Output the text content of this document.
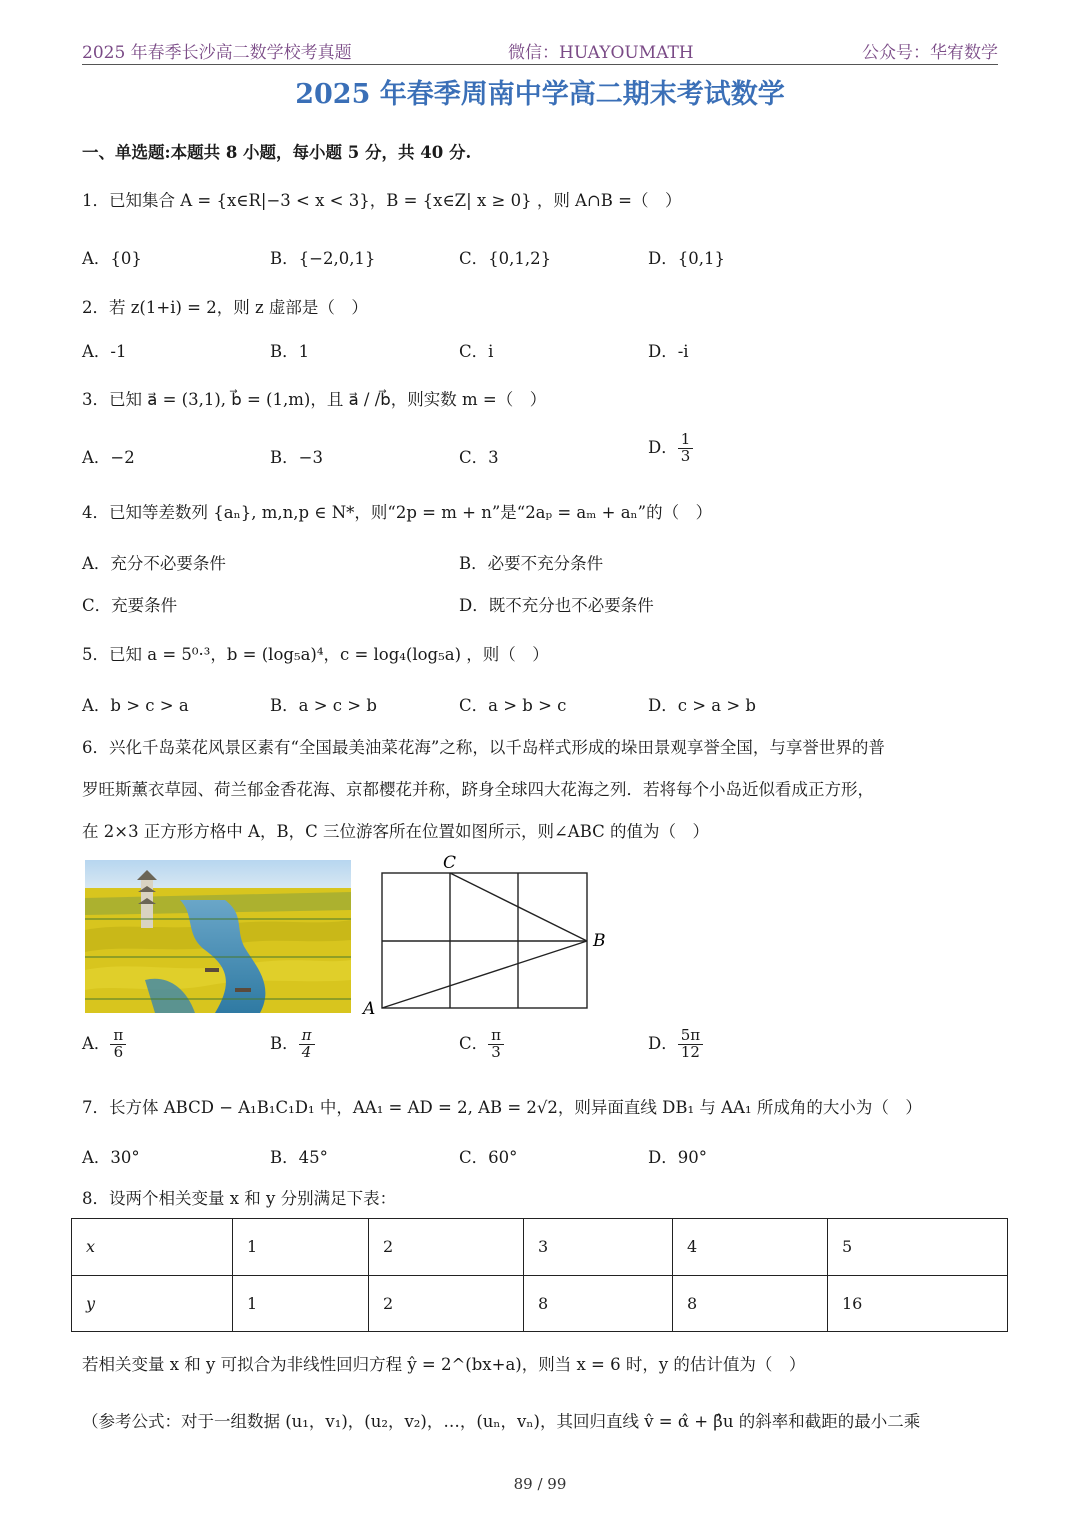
2025 年春季长沙高二数学校考真题	微信：HUAYOUMATH	公众号：华宥数学
2025 年春季周南中学高二期末考试数学
一、单选题:本题共 8 小题，每小题 5 分，共 40 分.
1．已知集合 A = {x∈R|−3 < x < 3}，B = {x∈Z| x ≥ 0} ，则 A∩B =（　）
A．{0}	B．{−2,0,1}	C．{0,1,2}	D．{0,1}
2．若 z(1+i) = 2，则 z 虚部是（　）
A．-1	B．1	C．i	D．-i
3．已知 a⃗ = (3,1), b⃗ = (1,m)，且 a⃗ / /b⃗，则实数 m =（　）
A．−2	B．−3	C．3
D． $\frac{1}{3}$
4．已知等差数列 {aₙ}, m,n,p ∈ N*，则“2p = m + n”是“2aₚ = aₘ + aₙ”的（　）
A．充分不必要条件	B．必要不充分条件
C．充要条件	D．既不充分也不必要条件
5．已知 a = 5⁰·³，b = (log₅a)⁴，c = log₄(log₅a) ，则（　）
A．b > c > a	B．a > c > b	C．a > b > c	D．c > a > b
6．兴化千岛菜花风景区素有“全国最美油菜花海”之称，以千岛样式形成的垛田景观享誉全国，与享誉世界的普
罗旺斯薰衣草园、荷兰郁金香花海、京都樱花并称，跻身全球四大花海之列．若将每个小岛近似看成正方形，
在 2×3 正方形方格中 A，B，C 三位游客所在位置如图所示，则∠ABC 的值为（　）
A
B
C
A． $\frac{\pi}{6}$	B． $\frac{\pi}{4}$	C． $\frac{\pi}{3}$	D． $\frac{5\pi}{12}$
7．长方体 ABCD − A₁B₁C₁D₁ 中，AA₁ = AD = 2, AB = 2√2，则异面直线 DB₁ 与 AA₁ 所成角的大小为（　）
A．30°	B．45°	C．60°	D．90°
8．设两个相关变量 x 和 y 分别满足下表：
x	1	2	3	4	5
y	1	2	8	8	16
若相关变量 x 和 y 可拟合为非线性回归方程 ŷ = 2^(bx+a)，则当 x = 6 时，y 的估计值为（　）
（参考公式：对于一组数据 (u₁，v₁)，(u₂，v₂)，…，(uₙ，vₙ)，其回归直线 v̂ = α̂ + β̂u 的斜率和截距的最小二乘
89 / 99
